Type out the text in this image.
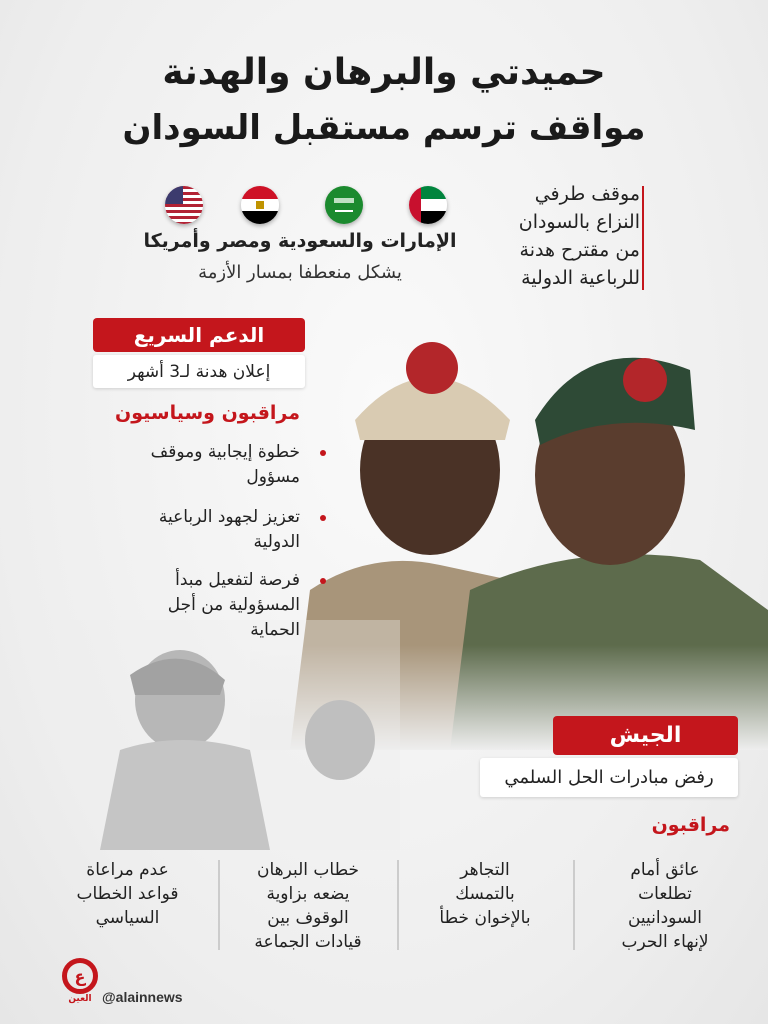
حميدتي والبرهان والهدنة
مواقف ترسم مستقبل السودان
موقف طرفي
النزاع بالسودان
من مقترح هدنة
للرباعية الدولية
الإمارات والسعودية ومصر وأمريكا
يشكل منعطفا بمسار الأزمة
الدعم السريع
إعلان هدنة لـ3 أشهر
مراقبون وسياسيون
خطوة إيجابية وموقف
مسؤول
تعزيز لجهود الرباعية
الدولية
فرصة لتفعيل مبدأ
المسؤولية من أجل
الحماية
الجيش
رفض مبادرات الحل السلمي
مراقبون
عائق أمام
تطلعات
السودانيين
لإنهاء الحرب
التجاهر
بالتمسك
بالإخوان خطأ
خطاب البرهان
يضعه بزاوية
الوقوف بين
قيادات الجماعة
عدم مراعاة
قواعد الخطاب
السياسي
ع
العين @alainnews
